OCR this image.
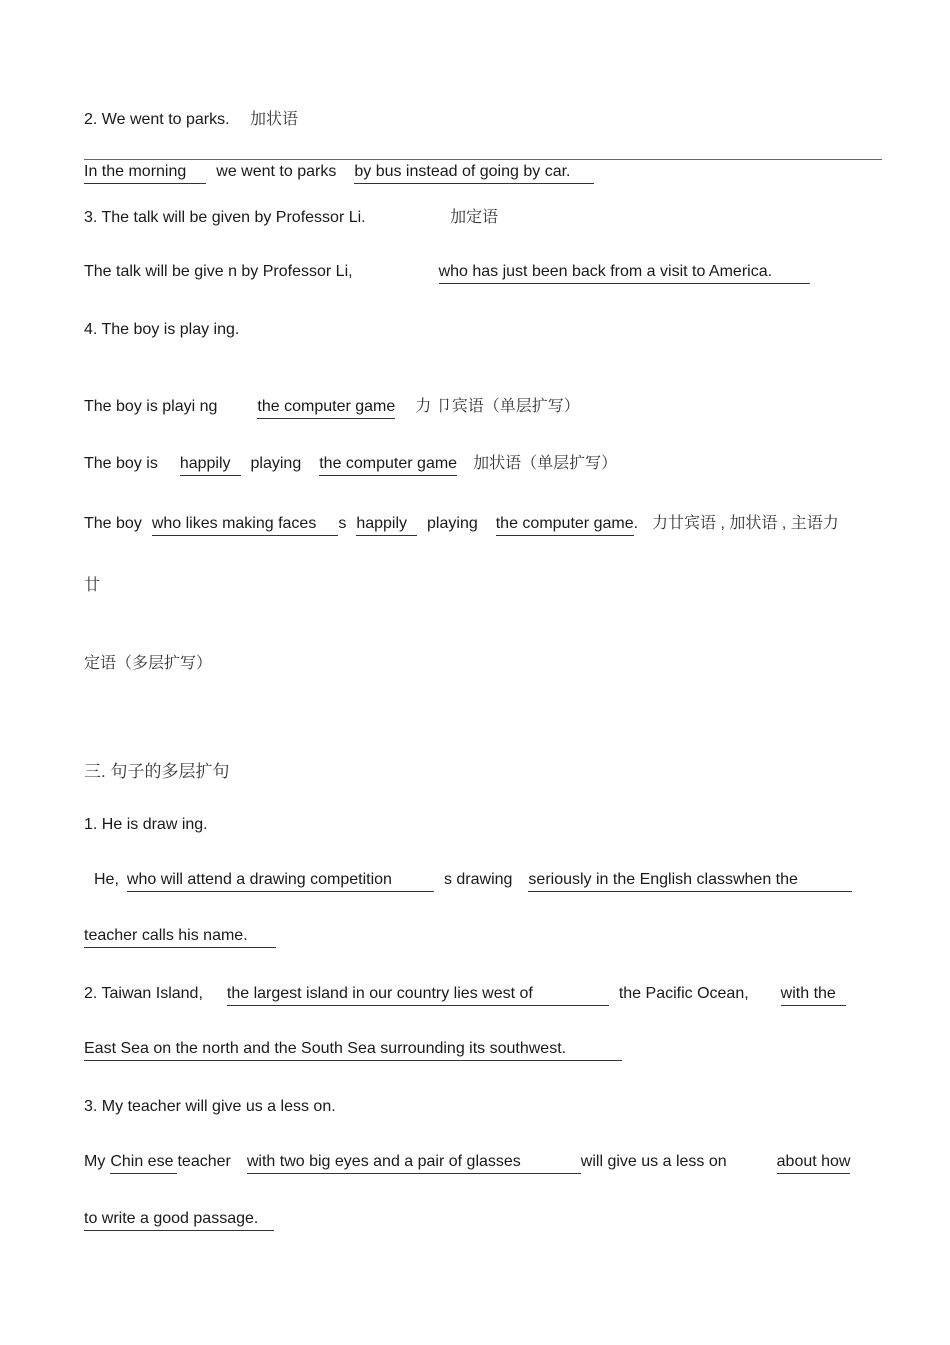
2. We went to parks. 加状语
In the morning we went to parks by bus instead of going by car.
3. The talk will be given by Professor Li.	加定语
The talk will be give n by Professor Li,	who has just been back from a visit to America.
4. The boy is play ing.
The boy is playi ng	the computer game 力 卩宾语（单层扩写）
The boy is happily playing the computer game 加状语（单层扩写）
The boy who likes making faces s happily playing the computer game. 力廿宾语 , 加状语 , 主语力
廿
定语（多层扩写）
三. 句子的多层扩句
1. He is draw ing.
He, who will attend a drawing competition	s drawing seriously in the English classwhen the
teacher calls his name.
2. Taiwan Island, the largest island in our country lies west of	the Pacific Ocean, with the
East Sea on the north and the South Sea surrounding its southwest.
3. My teacher will give us a less on.
My Chin ese teacher with two big eyes and a pair of glasses	will give us a less on	about how
to write a good passage.
